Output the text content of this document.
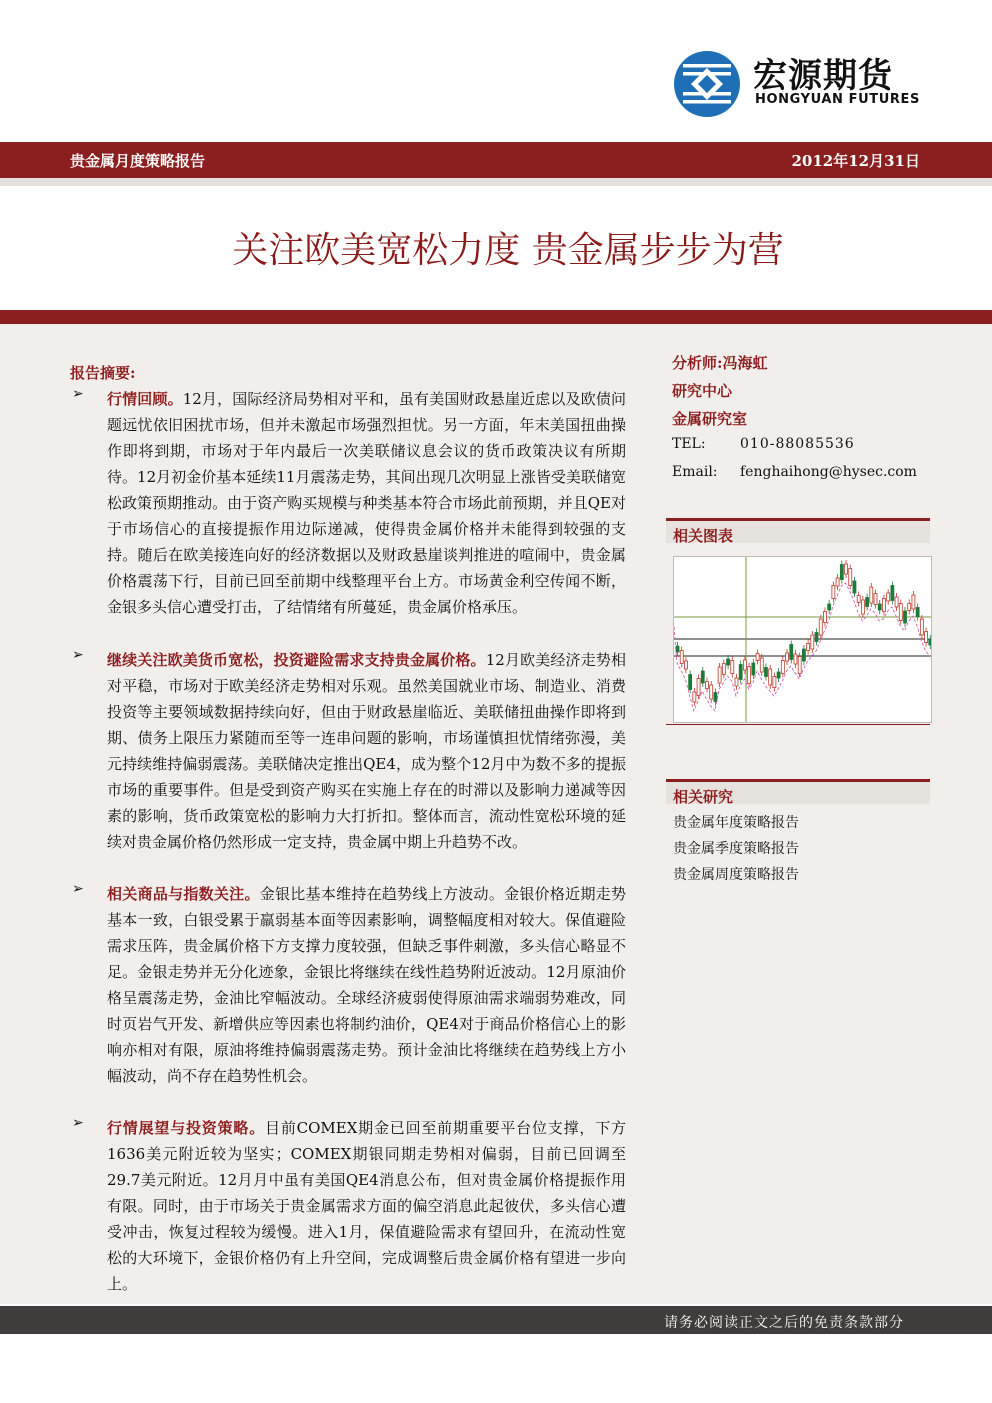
宏源期货
HONGYUAN FUTURES
贵金属月度策略报告	2012年12月31日
关注欧美宽松力度 贵金属步步为营
报告摘要:
➢ 行情回顾。12月，国际经济局势相对平和，虽有美国财政悬崖近虑以及欧债问题远忧依旧困扰市场，但并未激起市场强烈担忧。另一方面，年末美国扭曲操作即将到期，市场对于年内最后一次美联储议息会议的货币政策决议有所期待。12月初金价基本延续11月震荡走势，其间出现几次明显上涨皆受美联储宽松政策预期推动。由于资产购买规模与种类基本符合市场此前预期，并且QE对于市场信心的直接提振作用边际递减，使得贵金属价格并未能得到较强的支持。随后在欧美接连向好的经济数据以及财政悬崖谈判推进的喧闹中，贵金属价格震荡下行，目前已回至前期中线整理平台上方。市场黄金利空传闻不断，金银多头信心遭受打击，了结情绪有所蔓延，贵金属价格承压。
➢ 继续关注欧美货币宽松，投资避险需求支持贵金属价格。12月欧美经济走势相对平稳，市场对于欧美经济走势相对乐观。虽然美国就业市场、制造业、消费投资等主要领域数据持续向好，但由于财政悬崖临近、美联储扭曲操作即将到期、债务上限压力紧随而至等一连串问题的影响，市场谨慎担忧情绪弥漫，美元持续维持偏弱震荡。美联储决定推出QE4，成为整个12月中为数不多的提振市场的重要事件。但是受到资产购买在实施上存在的时滞以及影响力递减等因素的影响，货币政策宽松的影响力大打折扣。整体而言，流动性宽松环境的延续对贵金属价格仍然形成一定支持，贵金属中期上升趋势不改。
➢ 相关商品与指数关注。金银比基本维持在趋势线上方波动。金银价格近期走势基本一致，白银受累于羸弱基本面等因素影响，调整幅度相对较大。保值避险需求压阵，贵金属价格下方支撑力度较强，但缺乏事件刺激，多头信心略显不足。金银走势并无分化迹象，金银比将继续在线性趋势附近波动。12月原油价格呈震荡走势，金油比窄幅波动。全球经济疲弱使得原油需求端弱势难改，同时页岩气开发、新增供应等因素也将制约油价，QE4对于商品价格信心上的影响亦相对有限，原油将维持偏弱震荡走势。预计金油比将继续在趋势线上方小幅波动，尚不存在趋势性机会。
➢ 行情展望与投资策略。目前COMEX期金已回至前期重要平台位支撑，下方1636美元附近较为坚实；COMEX期银同期走势相对偏弱，目前已回调至29.7美元附近。12月月中虽有美国QE4消息公布，但对贵金属价格提振作用有限。同时，由于市场关于贵金属需求方面的偏空消息此起彼伏，多头信心遭受冲击，恢复过程较为缓慢。进入1月，保值避险需求有望回升，在流动性宽松的大环境下，金银价格仍有上升空间，完成调整后贵金属价格有望进一步向上。
分析师:冯海虹
研究中心
金属研究室
TEL: 010-88085536
Email: fenghaihong@hysec.com
相关图表
相关研究
贵金属年度策略报告
贵金属季度策略报告
贵金属周度策略报告
请务必阅读正文之后的免责条款部分
